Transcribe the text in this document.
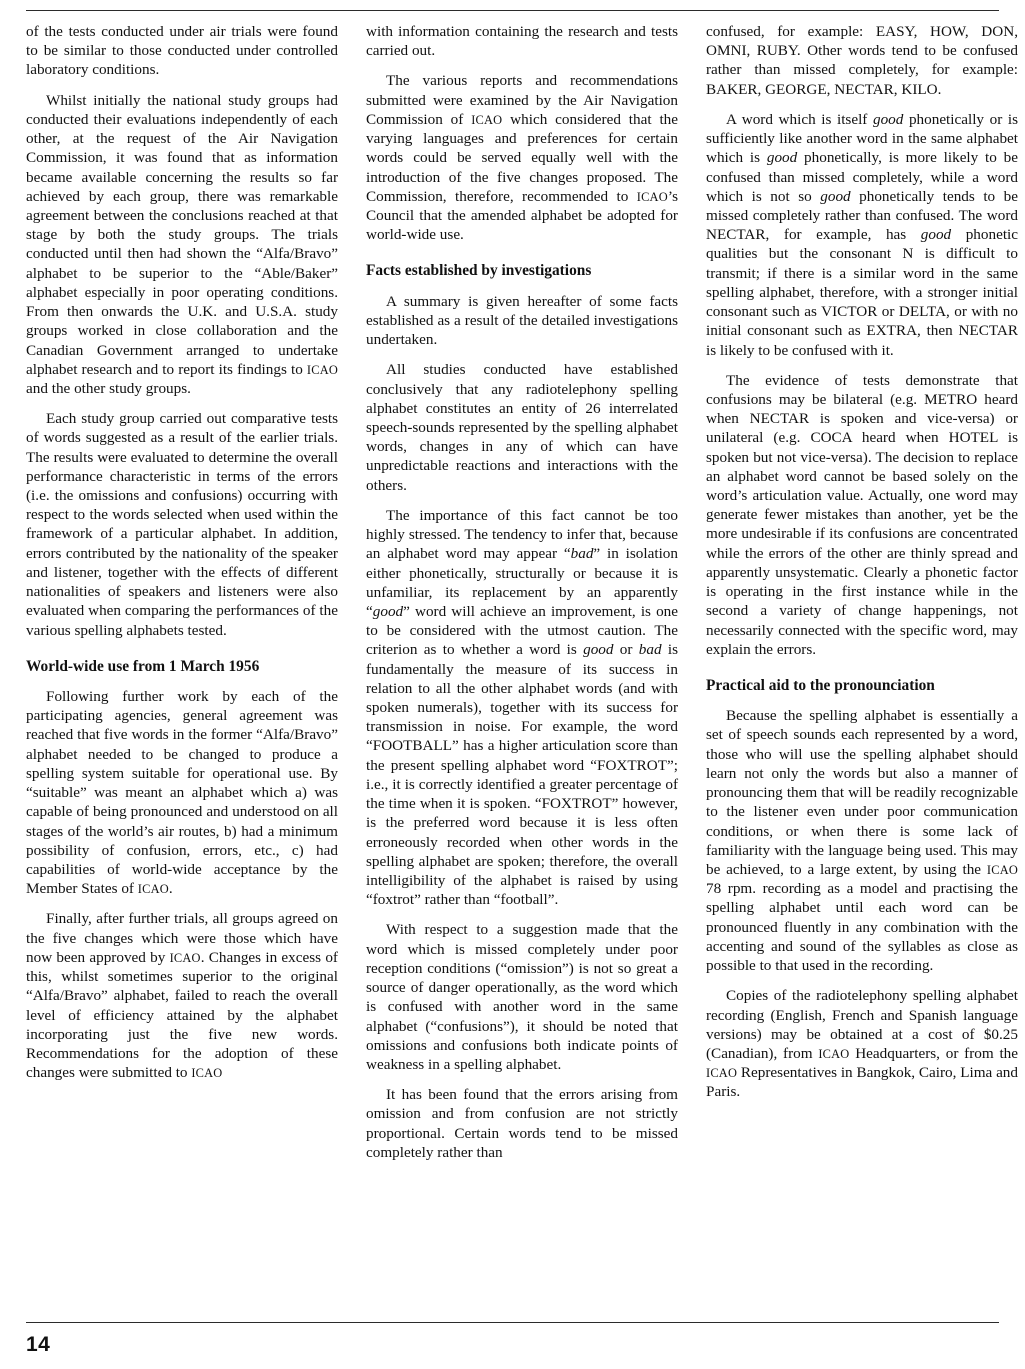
of the tests conducted under air trials were found to be similar to those conducted under controlled laboratory conditions.

Whilst initially the national study groups had conducted their evaluations independently of each other, at the request of the Air Navigation Commission, it was found that as information became available concerning the results so far achieved by each group, there was remarkable agreement between the conclusions reached at that stage by both the study groups. The trials conducted until then had shown the “Alfa/Bravo” alphabet to be superior to the “Able/Baker” alphabet especially in poor operating conditions. From then onwards the U.K. and U.S.A. study groups worked in close collaboration and the Canadian Government arranged to undertake alphabet research and to report its findings to ICAO and the other study groups.

Each study group carried out comparative tests of words suggested as a result of the earlier trials. The results were evaluated to determine the overall performance characteristic in terms of the errors (i.e. the omissions and confusions) occurring with respect to the words selected when used within the framework of a particular alphabet. In addition, errors contributed by the nationality of the speaker and listener, together with the effects of different nationalities of speakers and listeners were also evaluated when comparing the performances of the various spelling alphabets tested.

World-wide use from 1 March 1956

Following further work by each of the participating agencies, general agreement was reached that five words in the former “Alfa/Bravo” alphabet needed to be changed to produce a spelling system suitable for operational use. By “suitable” was meant an alphabet which a) was capable of being pronounced and understood on all stages of the world’s air routes, b) had a minimum possibility of confusion, errors, etc., c) had capabilities of world-wide acceptance by the Member States of ICAO.

Finally, after further trials, all groups agreed on the five changes which were those which have now been approved by ICAO. Changes in excess of this, whilst sometimes superior to the original “Alfa/Bravo” alphabet, failed to reach the overall level of efficiency attained by the alphabet incorporating just the five new words. Recommendations for the adoption of these changes were submitted to ICAO

with information containing the research and tests carried out.

The various reports and recommendations submitted were examined by the Air Navigation Commission of ICAO which considered that the varying languages and preferences for certain words could be served equally well with the introduction of the five changes proposed. The Commission, therefore, recommended to ICAO’s Council that the amended alphabet be adopted for world-wide use.

Facts established by investigations

A summary is given hereafter of some facts established as a result of the detailed investigations undertaken.

All studies conducted have established conclusively that any radiotelephony spelling alphabet constitutes an entity of 26 interrelated speech-sounds represented by the spelling alphabet words, changes in any of which can have unpredictable reactions and interactions with the others.

The importance of this fact cannot be too highly stressed. The tendency to infer that, because an alphabet word may appear “bad” in isolation either phonetically, structurally or because it is unfamiliar, its replacement by an apparently “good” word will achieve an improvement, is one to be considered with the utmost caution. The criterion as to whether a word is good or bad is fundamentally the measure of its success in relation to all the other alphabet words (and with spoken numerals), together with its success for transmission in noise. For example, the word “FOOTBALL” has a higher articulation score than the present spelling alphabet word “FOXTROT”; i.e., it is correctly identified a greater percentage of the time when it is spoken. “FOXTROT” however, is the preferred word because it is less often erroneously recorded when other words in the spelling alphabet are spoken; therefore, the overall intelligibility of the alphabet is raised by using “foxtrot” rather than “football”.

With respect to a suggestion made that the word which is missed completely under poor reception conditions (“omission”) is not so great a source of danger operationally, as the word which is confused with another word in the same alphabet (“confusions”), it should be noted that omissions and confusions both indicate points of weakness in a spelling alphabet.

It has been found that the errors arising from omission and from confusion are not strictly proportional. Certain words tend to be missed completely rather than

confused, for example: EASY, HOW, DON, OMNI, RUBY. Other words tend to be confused rather than missed completely, for example: BAKER, GEORGE, NECTAR, KILO.

A word which is itself good phonetically or is sufficiently like another word in the same alphabet which is good phonetically, is more likely to be confused than missed completely, while a word which is not so good phonetically tends to be missed completely rather than confused. The word NECTAR, for example, has good phonetic qualities but the consonant N is difficult to transmit; if there is a similar word in the same spelling alphabet, therefore, with a stronger initial consonant such as VICTOR or DELTA, or with no initial consonant such as EXTRA, then NECTAR is likely to be confused with it.

The evidence of tests demonstrate that confusions may be bilateral (e.g. METRO heard when NECTAR is spoken and vice-versa) or unilateral (e.g. COCA heard when HOTEL is spoken but not vice-versa). The decision to replace an alphabet word cannot be based solely on the word’s articulation value. Actually, one word may generate fewer mistakes than another, yet be the more undesirable if its confusions are concentrated while the errors of the other are thinly spread and apparently unsystematic. Clearly a phonetic factor is operating in the first instance while in the second a variety of change happenings, not necessarily connected with the specific word, may explain the errors.

Practical aid to the pronounciation

Because the spelling alphabet is essentially a set of speech sounds each represented by a word, those who will use the spelling alphabet should learn not only the words but also a manner of pronouncing them that will be readily recognizable to the listener even under poor communication conditions, or when there is some lack of familiarity with the language being used. This may be achieved, to a large extent, by using the ICAO 78 rpm. recording as a model and practising the spelling alphabet until each word can be pronounced fluently in any combination with the accenting and sound of the syllables as close as possible to that used in the recording.

Copies of the radiotelephony spelling alphabet recording (English, French and Spanish language versions) may be obtained at a cost of $0.25 (Canadian), from ICAO Headquarters, or from the ICAO Representatives in Bangkok, Cairo, Lima and Paris.

14
